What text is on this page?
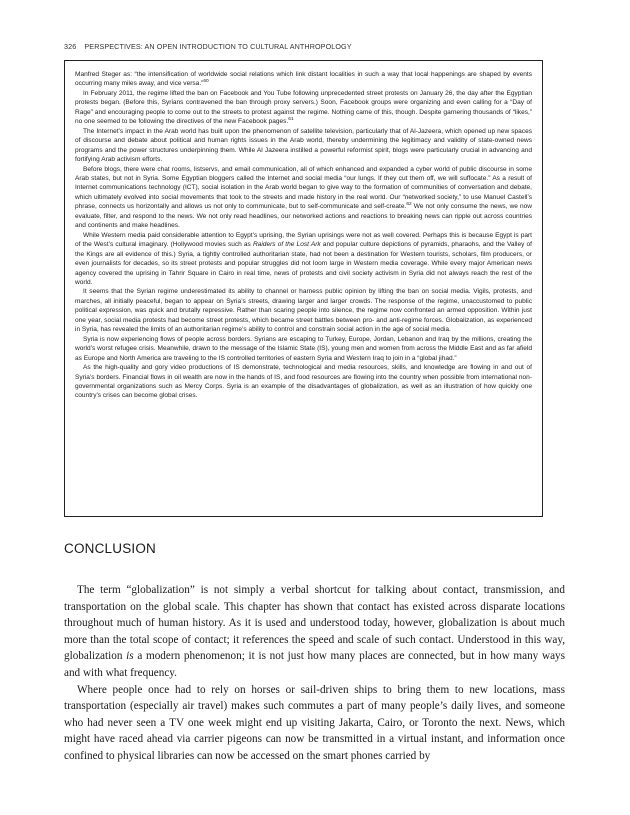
326 PERSPECTIVES: AN OPEN INTRODUCTION TO CULTURAL ANTHROPOLOGY

Manfred Steger as: “the intensification of worldwide social relations which link distant localities in such a way that local happenings are shaped by events occurring many miles away, and vice versa.”$^{60}$

In February 2011, the regime lifted the ban on Facebook and You Tube following unprecedented street protests on January 26, the day after the Egyptian protests began. (Before this, Syrians contravened the ban through proxy servers.) Soon, Facebook groups were organizing and even calling for a “Day of Rage” and encouraging people to come out to the streets to protest against the regime. Nothing came of this, though. Despite garnering thousands of “likes,” no one seemed to be following the directives of the new Facebook pages.$^{61}$

The Internet’s impact in the Arab world has built upon the phenomenon of satellite television, particularly that of Al-Jazeera, which opened up new spaces of discourse and debate about political and human rights issues in the Arab world, thereby undermining the legitimacy and validity of state-owned news programs and the power structures underpinning them. While Al Jazeera instilled a powerful reformist spirit, blogs were particularly crucial in advancing and fortifying Arab activism efforts.

Before blogs, there were chat rooms, listservs, and email communication, all of which enhanced and expanded a cyber world of public discourse in some Arab states, but not in Syria. Some Egyptian bloggers called the Internet and social media “our lungs. If they cut them off, we will suffocate.” As a result of Internet communications technology (ICT), social isolation in the Arab world began to give way to the formation of communities of conversation and debate, which ultimately evolved into social movements that took to the streets and made history in the real world. Our “networked society,” to use Manuel Castell’s phrase, connects us horizontally and allows us not only to communicate, but to self-communicate and self-create.$^{62}$ We not only consume the news, we now evaluate, filter, and respond to the news. We not only read headlines, our networked actions and reactions to breaking news can ripple out across countries and continents and make headlines.

While Western media paid considerable attention to Egypt’s uprising, the Syrian uprisings were not as well covered. Perhaps this is because Egypt is part of the West’s cultural imaginary. (Hollywood movies such as Raiders of the Lost Ark and popular culture depictions of pyramids, pharaohs, and the Valley of the Kings are all evidence of this.) Syria, a tightly controlled authoritarian state, had not been a destination for Western tourists, scholars, film producers, or even journalists for decades, so its street protests and popular struggles did not loom large in Western media coverage. While every major American news agency covered the uprising in Tahrir Square in Cairo in real time, news of protests and civil society activism in Syria did not always reach the rest of the world.

It seems that the Syrian regime underestimated its ability to channel or harness public opinion by lifting the ban on social media. Vigils, protests, and marches, all initially peaceful, began to appear on Syria’s streets, drawing larger and larger crowds. The response of the regime, unaccustomed to public political expression, was quick and brutally repressive. Rather than scaring people into silence, the regime now confronted an armed opposition. Within just one year, social media protests had become street protests, which became street battles between pro- and anti-regime forces. Globalization, as experienced in Syria, has revealed the limits of an authoritarian regime’s ability to control and constrain social action in the age of social media.

Syria is now experiencing flows of people across borders. Syrians are escaping to Turkey, Europe, Jordan, Lebanon and Iraq by the millions, creating the world’s worst refugee crisis. Meanwhile, drawn to the message of the Islamic State (IS), young men and women from across the Middle East and as far afield as Europe and North America are traveling to the IS controlled territories of eastern Syria and Western Iraq to join in a “global jihad.”

As the high-quality and gory video productions of IS demonstrate, technological and media resources, skills, and knowledge are flowing in and out of Syria’s borders. Financial flows in oil wealth are now in the hands of IS, and food resources are flowing into the country when possible from international non-governmental organizations such as Mercy Corps. Syria is an example of the disadvantages of globalization, as well as an illustration of how quickly one country’s crises can become global crises.

CONCLUSION

The term “globalization” is not simply a verbal shortcut for talking about contact, transmission, and transportation on the global scale. This chapter has shown that contact has existed across disparate locations throughout much of human history. As it is used and understood today, however, globalization is about much more than the total scope of contact; it references the speed and scale of such contact. Understood in this way, globalization is a modern phenomenon; it is not just how many places are connected, but in how many ways and with what frequency.

Where people once had to rely on horses or sail-driven ships to bring them to new locations, mass transportation (especially air travel) makes such commutes a part of many people’s daily lives, and someone who had never seen a TV one week might end up visiting Jakarta, Cairo, or Toronto the next. News, which might have raced ahead via carrier pigeons can now be transmitted in a virtual instant, and information once confined to physical libraries can now be accessed on the smart phones carried by
